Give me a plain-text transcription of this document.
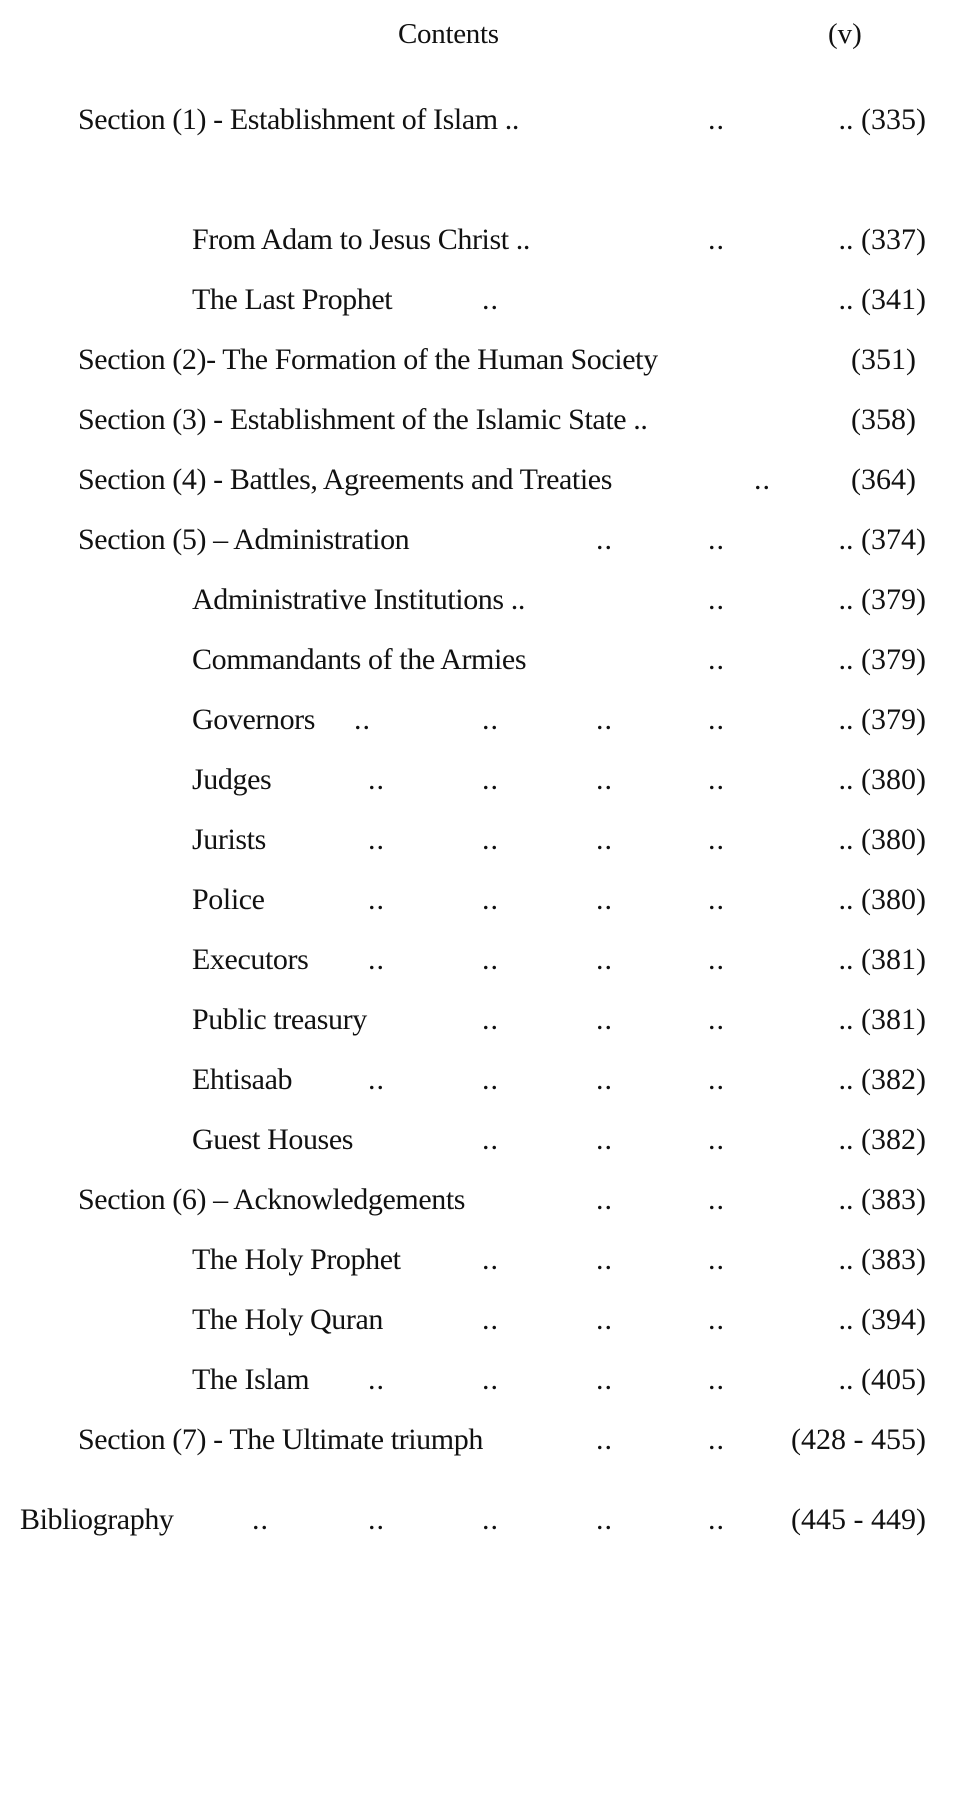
Contents	(v)
Section (1) - Establishment of Islam ..	..	.. (335)
From Adam to Jesus Christ ..	..	.. (337)
The Last Prophet	..	.. (341)
Section (2)- The Formation of the Human Society	(351)
Section (3) - Establishment of the Islamic State ..	(358)
Section (4) - Battles, Agreements and Treaties	..	(364)
Section (5) – Administration	..	..	.. (374)
Administrative Institutions ..	..	.. (379)
Commandants of the Armies	..	.. (379)
Governors ..	..	..	..	.. (379)
Judges	..	..	..	..	.. (380)
Jurists	..	..	..	..	.. (380)
Police	..	..	..	..	.. (380)
Executors ..	..	..	..	.. (381)
Public treasury	..	..	..	.. (381)
Ehtisaab	..	..	..	..	.. (382)
Guest Houses	..	..	..	.. (382)
Section (6) – Acknowledgements	..	..	.. (383)
The Holy Prophet	..	..	..	.. (383)
The Holy Quran	..	..	..	.. (394)
The Islam ..	..	..	..	.. (405)
Section (7) - The Ultimate triumph	..	.. (428 - 455)
Bibliography	..	..	..	..	.. (445 - 449)
